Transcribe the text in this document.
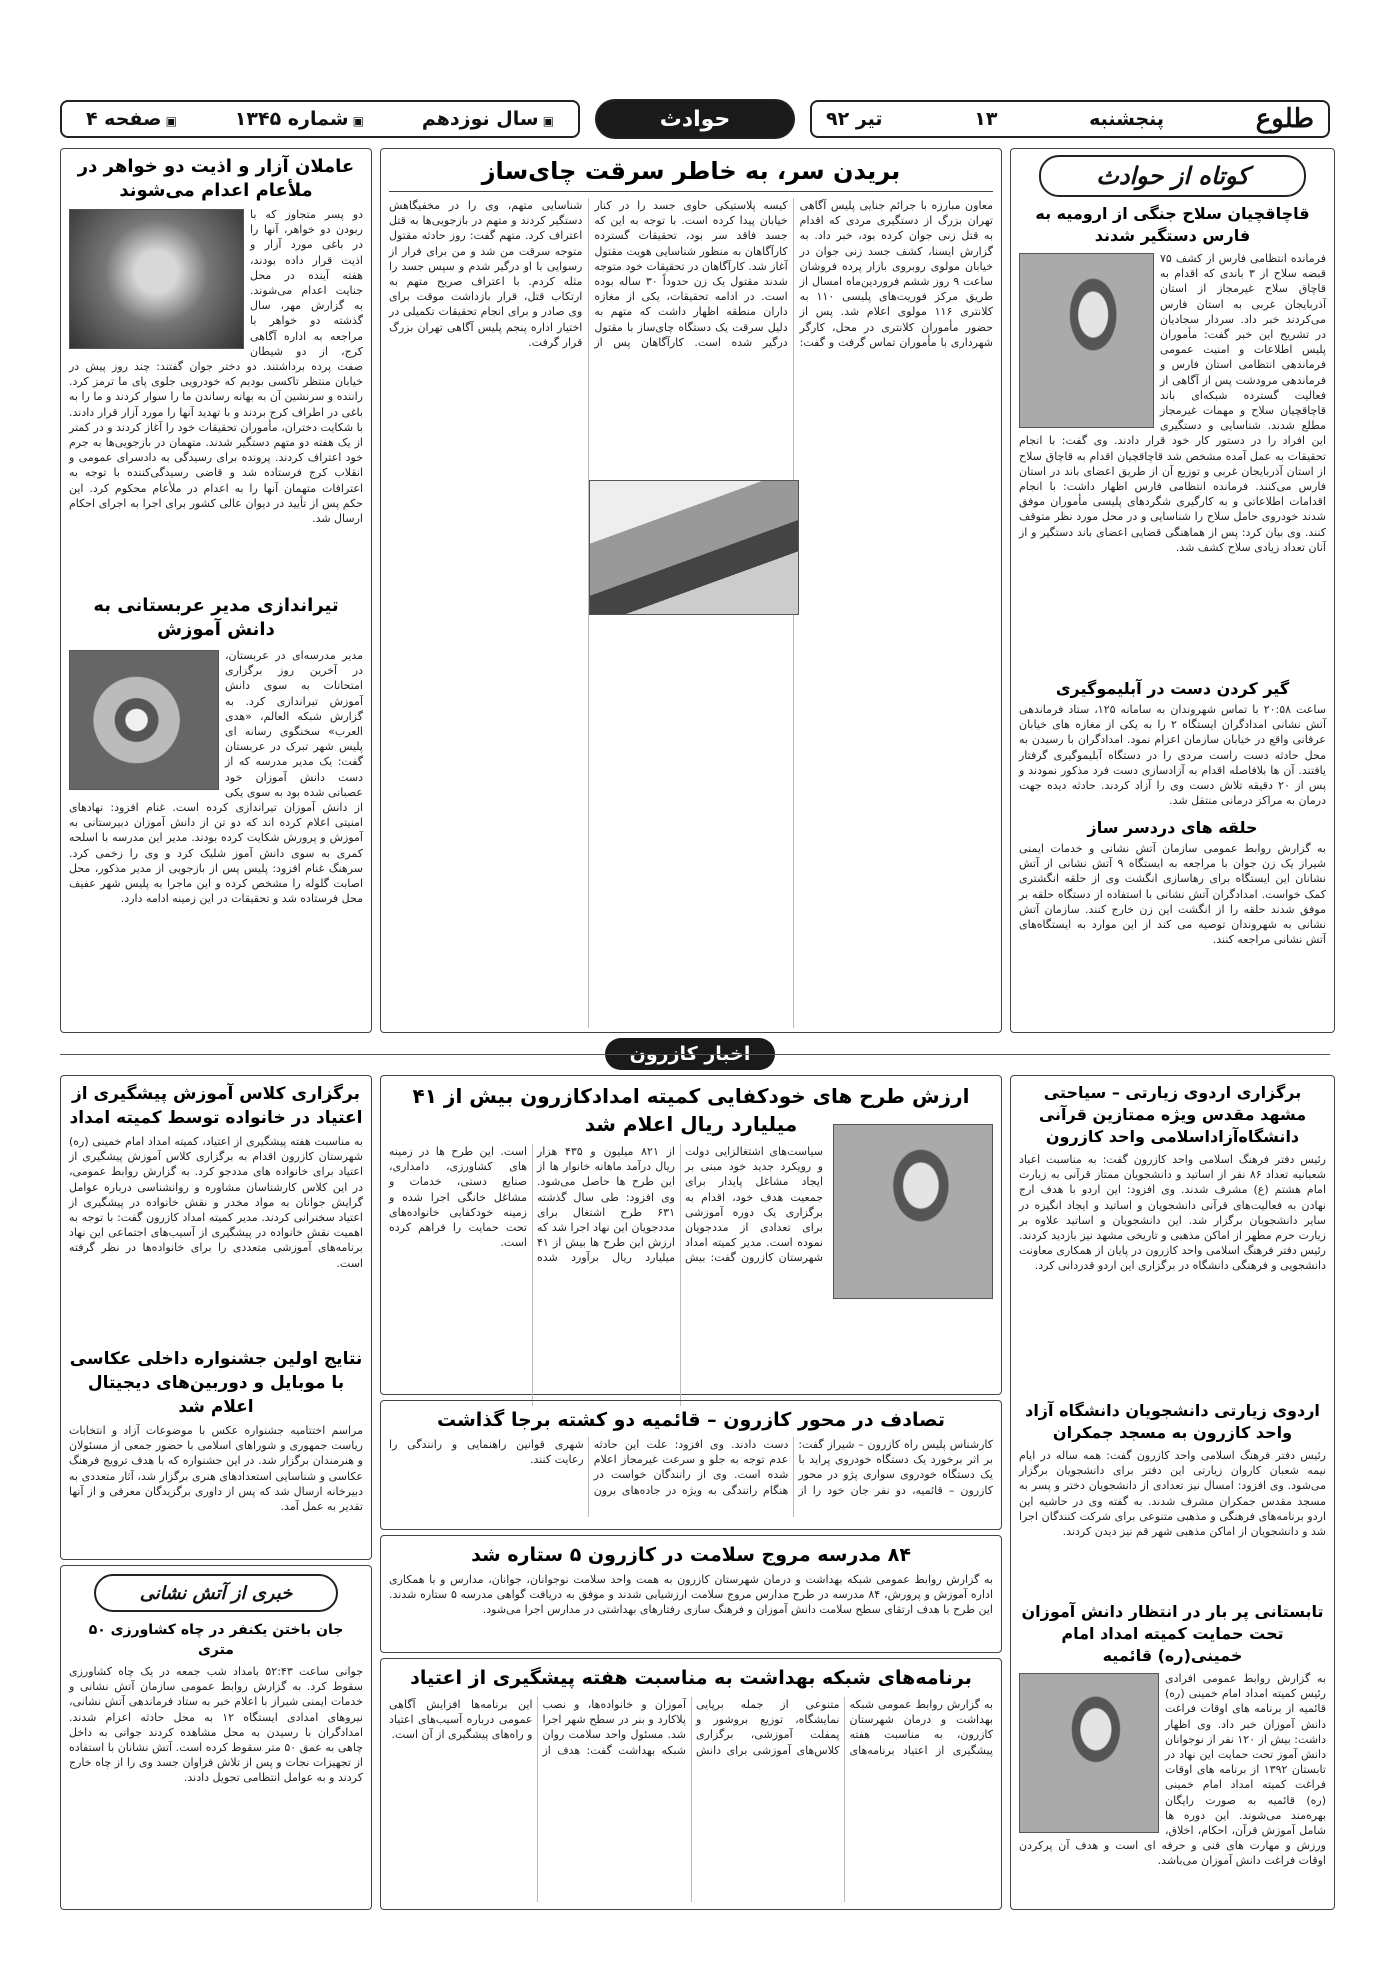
طلوع
پنجشنبه
۱۳
تیر ۹۲
حوادث
▣ سال نوزدهم
▣ شماره ۱۳۴۵
▣ صفحه ۴
کوتاه از حوادث
قاچاقچیان سلاح جنگی از ارومیه به فارس دستگیر شدند
فرمانده انتظامی فارس از کشف ۷۵ قبضه سلاح از ۳ باندی که اقدام به قاچاق سلاح غیرمجاز از استان آذربایجان غربی به استان فارس می‌کردند خبر داد. سردار سجادیان در تشریح این خبر گفت: مأموران پلیس اطلاعات و امنیت عمومی فرماندهی انتظامی استان فارس و فرماندهی مرودشت پس از آگاهی از فعالیت گسترده شبکه‌ای باند قاچاقچیان سلاح و مهمات غیرمجاز مطلع شدند. شناسایی و دستگیری این افراد را در دستور کار خود قرار دادند. وی گفت: با انجام تحقیقات به عمل آمده مشخص شد قاچاقچیان اقدام به قاچاق سلاح از استان آذربایجان غربی و توزیع آن از طریق اعضای باند در استان فارس می‌کنند. فرمانده انتظامی فارس اظهار داشت: با انجام اقدامات اطلاعاتی و به کارگیری شگردهای پلیسی مأموران موفق شدند خودروی حامل سلاح را شناسایی و در محل مورد نظر متوقف کنند. وی بیان کرد: پس از هماهنگی قضایی اعضای باند دستگیر و از آنان تعداد زیادی سلاح کشف شد.
گیر کردن دست در آبلیموگیری
ساعت ۲۰:۵۸ با تماس شهروندان به سامانه ۱۲۵، ستاد فرماندهی آتش نشانی امدادگران ایستگاه ۲ را به یکی از مغازه های خیابان عرفانی واقع در خیابان سازمان اعزام نمود. امدادگران با رسیدن به محل حادثه دست راست مردی را در دستگاه آبلیموگیری گرفتار یافتند. آن ها بلافاصله اقدام به آزادسازی دست فرد مذکور نمودند و پس از ۲۰ دقیقه تلاش دست وی را آزاد کردند. حادثه دیده جهت درمان به مراکز درمانی منتقل شد.
حلقه های دردسر ساز
به گزارش روابط عمومی سازمان آتش نشانی و خدمات ایمنی شیراز یک زن جوان با مراجعه به ایستگاه ۹ آتش نشانی از آتش نشانان این ایستگاه برای رهاسازی انگشت وی از حلقه انگشتری کمک خواست. امدادگران آتش نشانی با استفاده از دستگاه حلقه بر موفق شدند حلقه را از انگشت این زن خارج کنند. سازمان آتش نشانی به شهروندان توصیه می کند از این موارد به ایستگاه‌های آتش نشانی مراجعه کنند.
بریدن سر، به خاطر سرقت چای‌ساز
معاون مبارزه با جرائم جنایی پلیس آگاهی تهران بزرگ از دستگیری مردی که اقدام به قتل زنی جوان کرده بود، خبر داد. به گزارش ایسنا، کشف جسد زنی جوان در خیابان مولوی روبروی بازار پرده فروشان ساعت ۹ روز ششم فروردین‌ماه امسال از طریق مرکز فوریت‌های پلیسی ۱۱۰ به کلانتری ۱۱۶ مولوی اعلام شد. پس از حضور مأموران کلانتری در محل، کارگر شهرداری با مأموران تماس گرفت و گفت: کیسه پلاستیکی حاوی جسد را در کنار خیابان پیدا کرده است. با توجه به این که جسد فاقد سر بود، تحقیقات گسترده کارآگاهان به منظور شناسایی هویت مقتول آغاز شد. کارآگاهان در تحقیقات خود متوجه شدند مقتول یک زن حدوداً ۳۰ ساله بوده است. در ادامه تحقیقات، یکی از مغازه داران منطقه اظهار داشت که متهم به دلیل سرقت یک دستگاه چای‌ساز با مقتول درگیر شده است. کارآگاهان پس از شناسایی متهم، وی را در مخفیگاهش دستگیر کردند و متهم در بازجویی‌ها به قتل اعتراف کرد. متهم گفت: روز حادثه مقتول متوجه سرقت من شد و من برای فرار از رسوایی با او درگیر شدم و سپس جسد را مثله کردم. با اعتراف صریح متهم به ارتکاب قتل، قرار بازداشت موقت برای وی صادر و برای انجام تحقیقات تکمیلی در اختیار اداره پنجم پلیس آگاهی تهران بزرگ قرار گرفت.
عاملان آزار و اذیت دو خواهر در ملأعام اعدام می‌شوند
دو پسر متجاوز که با ربودن دو خواهر، آنها را در باغی مورد آزار و اذیت قرار داده بودند، هفته آینده در محل جنایت اعدام می‌شوند. به گزارش مهر، سال گذشته دو خواهر با مراجعه به اداره آگاهی کرج، از دو شیطان صفت پرده برداشتند. دو دختر جوان گفتند: چند روز پیش در خیابان منتظر تاکسی بودیم که خودرویی جلوی پای ما ترمز کرد. راننده و سرنشین آن به بهانه رساندن ما را سوار کردند و ما را به باغی در اطراف کرج بردند و با تهدید آنها را مورد آزار قرار دادند. با شکایت دختران، مأموران تحقیقات خود را آغاز کردند و در کمتر از یک هفته دو متهم دستگیر شدند. متهمان در بازجویی‌ها به جرم خود اعتراف کردند. پرونده برای رسیدگی به دادسرای عمومی و انقلاب کرج فرستاده شد و قاضی رسیدگی‌کننده با توجه به اعترافات متهمان آنها را به اعدام در ملأعام محکوم کرد. این حکم پس از تأیید در دیوان عالی کشور برای اجرا به اجرای احکام ارسال شد.
تیراندازی مدیر عربستانی به دانش آموزش
مدیر مدرسه‌ای در عربستان، در آخرین روز برگزاری امتحانات به سوی دانش آموزش تیراندازی کرد. به گزارش شبکه العالم، «هدی العرب» سخنگوی رسانه ای پلیس شهر تبرک در عربستان گفت: یک مدیر مدرسه که از دست دانش آموزان خود عصبانی شده بود به سوی یکی از دانش آموزان تیراندازی کرده است. غنام افزود: نهادهای امنیتی اعلام کرده اند که دو تن از دانش آموزان دبیرستانی به آموزش و پرورش شکایت کرده بودند. مدیر این مدرسه با اسلحه کمری به سوی دانش آموز شلیک کرد و وی را زخمی کرد. سرهنگ غنام افزود: پلیس پس از بازجویی از مدیر مذکور، محل اصابت گلوله را مشخص کرده و این ماجرا به پلیس شهر عفیف محل فرستاده شد و تحقیقات در این زمینه ادامه دارد.
اخبار کازرون
برگزاری اردوی زیارتی – سیاحتی مشهد مقدس ویژه ممتازین قرآنی دانشگاه‌آزاداسلامی واحد کازرون
رئیس دفتر فرهنگ اسلامی واحد کازرون گفت: به مناسبت اعیاد شعبانیه تعداد ۸۶ نفر از اساتید و دانشجویان ممتاز قرآنی به زیارت امام هشتم (ع) مشرف شدند. وی افزود: این اردو با هدف ارج نهادن به فعالیت‌های قرآنی دانشجویان و اساتید و ایجاد انگیزه در سایر دانشجویان برگزار شد. این دانشجویان و اساتید علاوه بر زیارت حرم مطهر از اماکن مذهبی و تاریخی مشهد نیز بازدید کردند. رئیس دفتر فرهنگ اسلامی واحد کازرون در پایان از همکاری معاونت دانشجویی و فرهنگی دانشگاه در برگزاری این اردو قدردانی کرد.
اردوی زیارتی دانشجویان دانشگاه آزاد واحد کازرون به مسجد جمکران
رئیس دفتر فرهنگ اسلامی واحد کازرون گفت: همه ساله در ایام نیمه شعبان کاروان زیارتی این دفتر برای دانشجویان برگزار می‌شود. وی افزود: امسال نیز تعدادی از دانشجویان دختر و پسر به مسجد مقدس جمکران مشرف شدند. به گفته وی در حاشیه این اردو برنامه‌های فرهنگی و مذهبی متنوعی برای شرکت کنندگان اجرا شد و دانشجویان از اماکن مذهبی شهر قم نیز دیدن کردند.
تابستانی پر بار در انتظار دانش آموزان تحت حمایت کمیته امداد امام خمینی(ره) قائمیه
به گزارش روابط عمومی افرادی رئیس کمیته امداد امام خمینی (ره) قائمیه از برنامه های اوقات فراغت دانش آموزان خبر داد. وی اظهار داشت: بیش از ۱۲۰ نفر از نوجوانان دانش آموز تحت حمایت این نهاد در تابستان ۱۳۹۲ از برنامه های اوقات فراغت کمیته امداد امام خمینی (ره) قائمیه به صورت رایگان بهره‌مند می‌شوند. این دوره ها شامل آموزش قرآن، احکام، اخلاق، ورزش و مهارت های فنی و حرفه ای است و هدف آن پرکردن اوقات فراغت دانش آموزان می‌باشد.
ارزش طرح های خودکفایی کمیته امدادکازرون بیش از ۴۱ میلیارد ریال اعلام شد
سیاست‌های اشتغالزایی دولت و رویکرد جدید خود مبنی بر ایجاد مشاغل پایدار برای جمعیت هدف خود، اقدام به برگزاری یک دوره آموزشی برای تعدادی از مددجویان نموده است. مدیر کمیته امداد شهرستان کازرون گفت: بیش از ۸۲۱ میلیون و ۴۳۵ هزار ریال درآمد ماهانه خانوار ها از این طرح ها حاصل می‌شود. وی افزود: طی سال گذشته ۶۳۱ طرح اشتغال برای مددجویان این نهاد اجرا شد که ارزش این طرح ها بیش از ۴۱ میلیارد ریال برآورد شده است. این طرح ها در زمینه های کشاورزی، دامداری، صنایع دستی، خدمات و مشاغل خانگی اجرا شده و زمینه خودکفایی خانواده‌های تحت حمایت را فراهم کرده است.
برگزاری کلاس آموزش پیشگیری از اعتیاد در خانواده توسط کمیته امداد
به مناسبت هفته پیشگیری از اعتیاد، کمیته امداد امام خمینی (ره) شهرستان کازرون اقدام به برگزاری کلاس آموزش پیشگیری از اعتیاد برای خانواده های مددجو کرد. به گزارش روابط عمومی، در این کلاس کارشناسان مشاوره و روانشناسی درباره عوامل گرایش جوانان به مواد مخدر و نقش خانواده در پیشگیری از اعتیاد سخنرانی کردند. مدیر کمیته امداد کازرون گفت: با توجه به اهمیت نقش خانواده در پیشگیری از آسیب‌های اجتماعی این نهاد برنامه‌های آموزشی متعددی را برای خانواده‌ها در نظر گرفته است.
نتایج اولین جشنواره داخلی عکاسی با موبایل و دوربین‌های دیجیتال اعلام شد
مراسم اختتامیه جشنواره عکس با موضوعات آزاد و انتخابات ریاست جمهوری و شوراهای اسلامی با حضور جمعی از مسئولان و هنرمندان برگزار شد. در این جشنواره که با هدف ترویج فرهنگ عکاسی و شناسایی استعدادهای هنری برگزار شد، آثار متعددی به دبیرخانه ارسال شد که پس از داوری برگزیدگان معرفی و از آنها تقدیر به عمل آمد.
تصادف در محور کازرون – قائمیه دو کشته برجا گذاشت
کارشناس پلیس راه کازرون – شیراز گفت: بر اثر برخورد یک دستگاه خودروی پراید با یک دستگاه خودروی سواری پژو در محور کازرون – قائمیه، دو نفر جان خود را از دست دادند. وی افزود: علت این حادثه عدم توجه به جلو و سرعت غیرمجاز اعلام شده است. وی از رانندگان خواست در هنگام رانندگی به ویژه در جاده‌های برون شهری قوانین راهنمایی و رانندگی را رعایت کنند.
۸۴ مدرسه مروج سلامت در کازرون ۵ ستاره شد
به گزارش روابط عمومی شبکه بهداشت و درمان شهرستان کازرون به همت واحد سلامت نوجوانان، جوانان، مدارس و با همکاری اداره آموزش و پرورش، ۸۴ مدرسه در طرح مدارس مروج سلامت ارزشیابی شدند و موفق به دریافت گواهی مدرسه ۵ ستاره شدند. این طرح با هدف ارتقای سطح سلامت دانش آموزان و فرهنگ سازی رفتارهای بهداشتی در مدارس اجرا می‌شود.
برنامه‌های شبکه بهداشت به مناسبت هفته پیشگیری از اعتیاد
به گزارش روابط عمومی شبکه بهداشت و درمان شهرستان کازرون، به مناسبت هفته پیشگیری از اعتیاد برنامه‌های متنوعی از جمله برپایی نمایشگاه، توزیع بروشور و پمفلت آموزشی، برگزاری کلاس‌های آموزشی برای دانش آموزان و خانواده‌ها، و نصب پلاکارد و بنر در سطح شهر اجرا شد. مسئول واحد سلامت روان شبکه بهداشت گفت: هدف از این برنامه‌ها افزایش آگاهی عمومی درباره آسیب‌های اعتیاد و راه‌های پیشگیری از آن است.
خبری از آتش نشانی
جان باختن یکنفر در چاه کشاورزی ۵۰ متری
جوانی ساعت ۵۲:۴۳ بامداد شب جمعه در یک چاه کشاورزی سقوط کرد. به گزارش روابط عمومی سازمان آتش نشانی و خدمات ایمنی شیراز با اعلام خبر به ستاد فرماندهی آتش نشانی، نیروهای امدادی ایستگاه ۱۲ به محل حادثه اعزام شدند. امدادگران با رسیدن به محل مشاهده کردند جوانی به داخل چاهی به عمق ۵۰ متر سقوط کرده است. آتش نشانان با استفاده از تجهیزات نجات و پس از تلاش فراوان جسد وی را از چاه خارج کردند و به عوامل انتظامی تحویل دادند.
